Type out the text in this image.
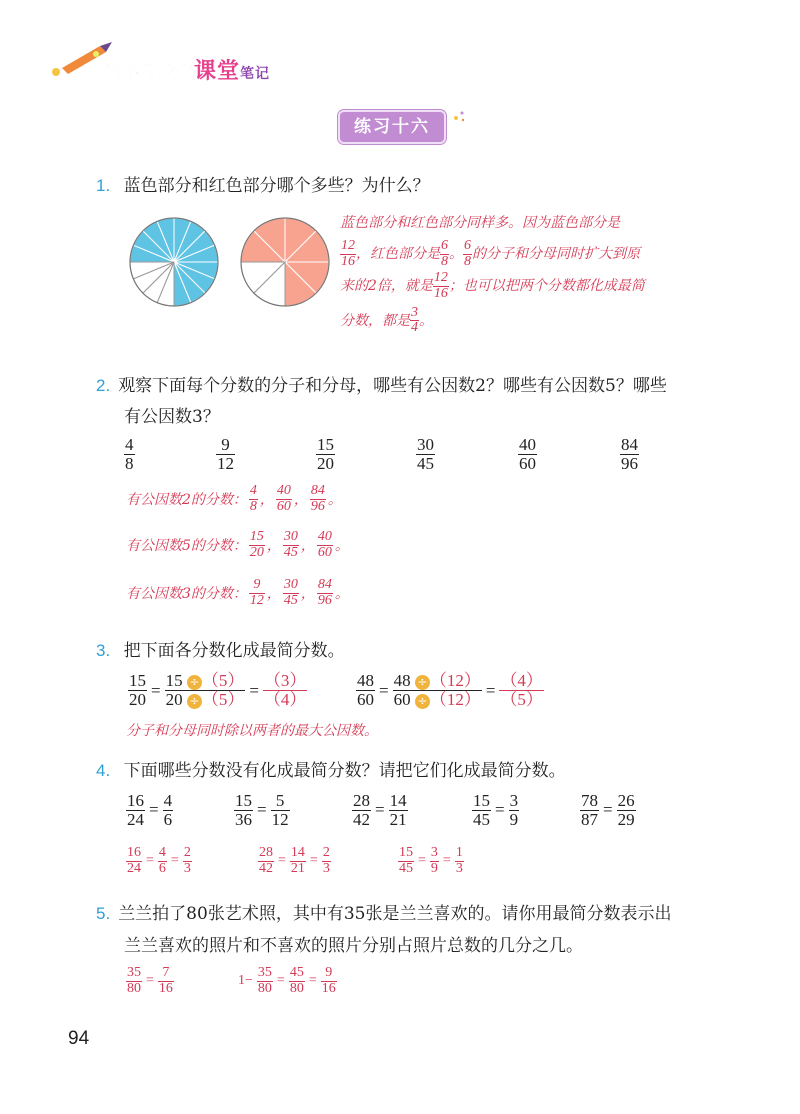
倍小优数学课堂笔记
练习十六
1. 蓝色部分和红色部分哪个多些？为什么？
蓝色部分和红色部分同样多。因为蓝色部分是
$\frac{12}{16}$ ，红色部分是 $\frac{6}{8}$ 。 $\frac{6}{8}$ 的分子和分母同时扩大到原
来的2倍，就是 $\frac{12}{16}$ ；也可以把两个分数都化成最简
分数，都是 $\frac{3}{4}$ 。
2. 观察下面每个分数的分子和分母，哪些有公因数2？哪些有公因数5？哪些
有公因数3？
$\frac{4}{8}$	$\frac{9}{12}$	$\frac{15}{20}$	$\frac{30}{45}$	$\frac{40}{60}$	$\frac{84}{96}$
有公因数2的分数： $\frac{4}{8}$ ， $\frac{40}{60}$ ， $\frac{84}{96}$ 。
有公因数5的分数： $\frac{15}{20}$ ， $\frac{30}{45}$ ， $\frac{40}{60}$ 。
有公因数3的分数： $\frac{9}{12}$ ， $\frac{30}{45}$ ， $\frac{84}{96}$ 。
3. 把下面各分数化成最简分数。
$\frac{15}{20} = \frac{15 \div (5)}{20 \div (5)} = \frac{(3)}{(4)}$	$\frac{48}{60} = \frac{48 \div (12)}{60 \div (12)} = \frac{(4)}{(5)}$
分子和分母同时除以两者的最大公因数。
4. 下面哪些分数没有化成最简分数？请把它们化成最简分数。
$\frac{16}{24} = \frac{4}{6}$	$\frac{15}{36} = \frac{5}{12}$	$\frac{28}{42} = \frac{14}{21}$	$\frac{15}{45} = \frac{3}{9}$	$\frac{78}{87} = \frac{26}{29}$
$\frac{16}{24} = \frac{4}{6} = \frac{2}{3}$	$\frac{28}{42} = \frac{14}{21} = \frac{2}{3}$	$\frac{15}{45} = \frac{3}{9} = \frac{1}{3}$
5. 兰兰拍了80张艺术照，其中有35张是兰兰喜欢的。请你用最简分数表示出
兰兰喜欢的照片和不喜欢的照片分别占照片总数的几分之几。
$\frac{35}{80} = \frac{7}{16}$	$1- \frac{35}{80} = \frac{45}{80} = \frac{9}{16}$
94
